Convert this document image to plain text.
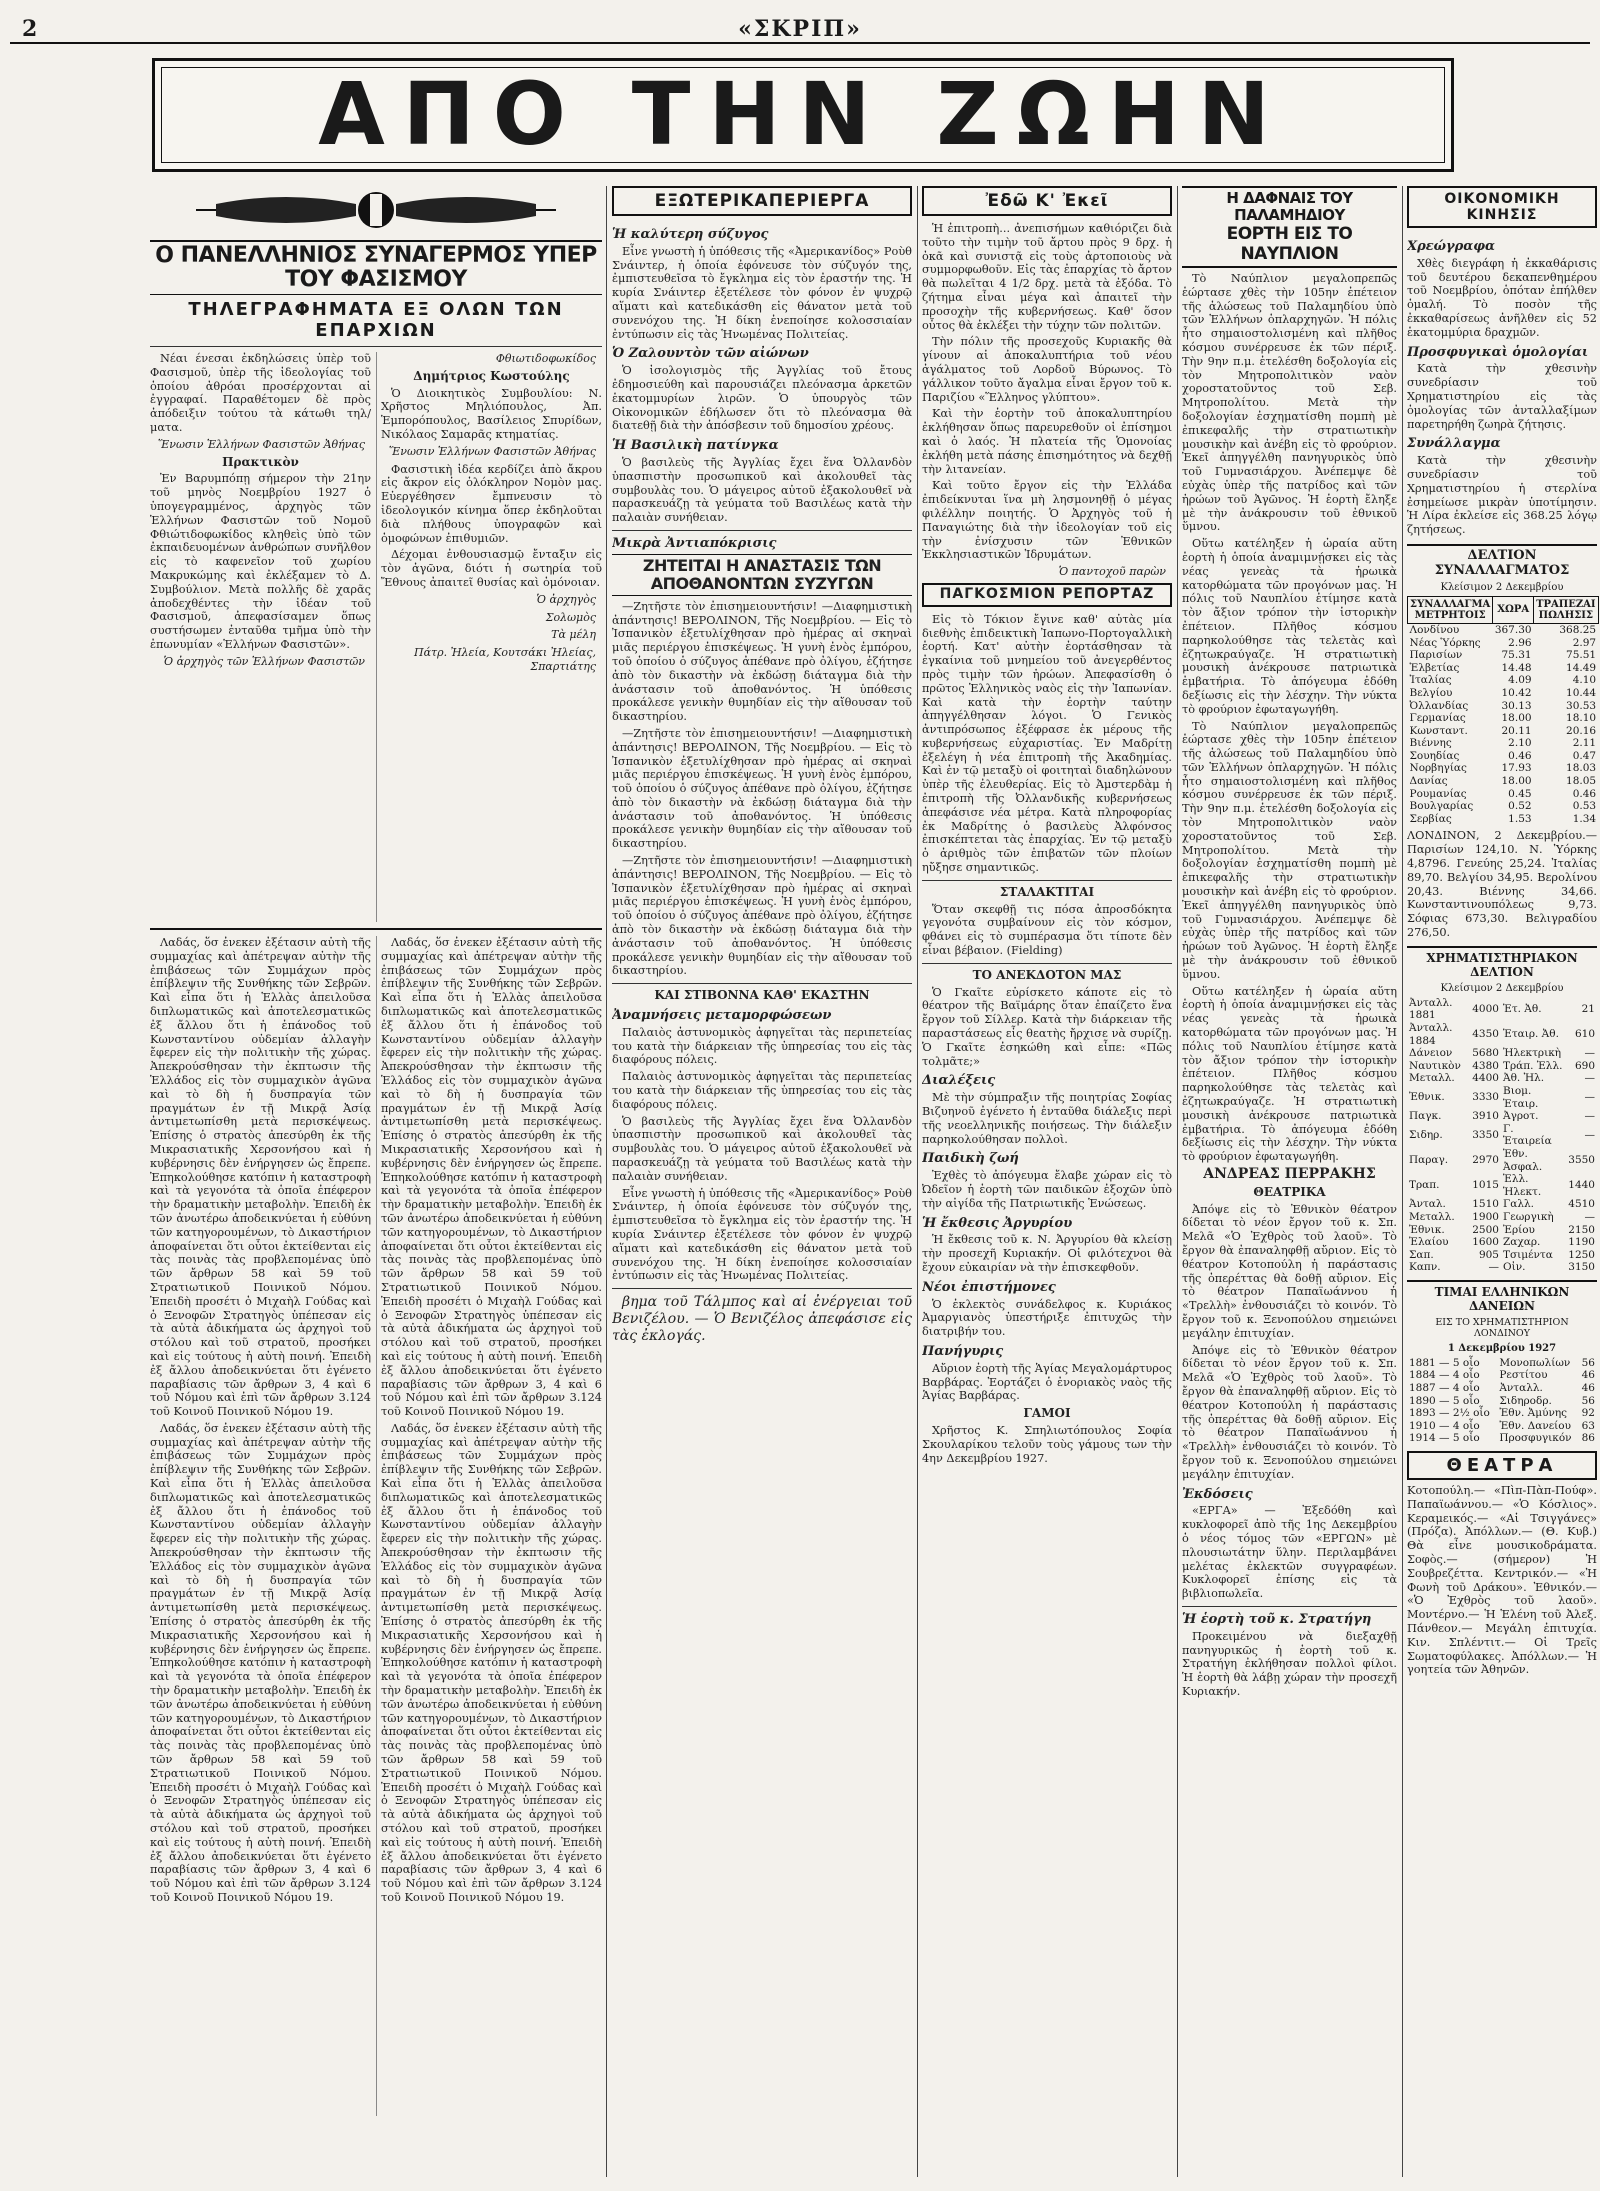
2	«ΣΚΡΙΠ»
ΑΠΟ ΤΗΝ ΖΩΗΝ
Ο ΠΑΝΕΛΛΗΝΙΟΣ ΣΥΝΑΓΕΡΜΟΣ ΥΠΕΡ ΤΟΥ ΦΑΣΙΣΜΟΥ
ΤΗΛΕΓΡΑΦΗΜΑΤΑ ΕΞ ΟΛΩΝ ΤΩΝ ΕΠΑΡΧΙΩΝ

Νέαι ένεσαι ἐκδηλώσεις ὑπὲρ τοῦ Φασισμοῦ, ὑπὲρ τῆς ἰδεολογίας τοῦ ὁποίου ἀθρόαι προσέρχονται αἱ ἐγγραφαί. Παραθέτομεν δὲ πρὸς ἀπόδειξιν τούτου τὰ κάτωθι τηλ/ματα.

Ἕνωσιν Ἑλλήνων Φασιστῶν Ἀθήνας
Πρακτικὸν

Ἐν Βαρυμπόπῃ σήμερον τὴν 21ην τοῦ μηνὸς Νοεμβρίου 1927 ὁ ὑπογεγραμμένος, ἀρχηγὸς τῶν Ἑλλήνων Φασιστῶν τοῦ Νομοῦ Φθιώτιδοφωκίδος κληθεὶς ὑπὸ τῶν ἐκπαιδευομένων ἀνθρώπων συνῆλθον εἰς τὸ καφενεῖον τοῦ χωρίου Μακρυκώμης καὶ ἐκλέξαμεν τὸ Δ. Συμβούλιον. Μετὰ πολλῆς δὲ χαρᾶς ἀποδεχθέντες τὴν ἰδέαν τοῦ Φασισμοῦ, ἀπεφασίσαμεν ὅπως συστήσωμεν ἐνταῦθα τμῆμα ὑπὸ τὴν ἐπωνυμίαν «Ἑλλήνων Φασιστῶν».

Ὁ ἀρχηγὸς τῶν Ἑλλήνων Φασιστῶν
Φθιωτιδοφωκίδος
Δημήτριος Κωστούλης

Ὁ Διοικητικὸς Συμβουλίου: Ν. Χρῆστος Μηλιόπουλος, Ἀπ. Ἑμπορόπουλος, Βασίλειος Σπυρίδων, Νικόλαος Σαμαρᾶς κτηματίας.

Ἕνωσιν Ἑλλήνων Φασιστῶν Ἀθήνας

Φασιστικὴ ἰδέα κερδίζει ἀπὸ ἄκρου εἰς ἄκρον εἰς ὁλόκληρον Νομὸν μας. Εὐεργέθησεν ἔμπνευσιν τὸ ἰδεολογικόν κίνημα ὅπερ ἐκδηλοῦται διὰ πλήθους ὑπογραφῶν καὶ ὁμοφώνων ἐπιθυμιῶν.

Δέχομαι ἐνθουσιασμῷ ἔνταξιν εἰς τὸν ἀγῶνα, διότι ἡ σωτηρία τοῦ Ἔθνους ἀπαιτεῖ θυσίας καὶ ὁμόνοιαν.

Ὁ ἀρχηγὸς
Σολωμὸς
Τὰ μέλη
Πάτρ. Ἠλεία, Κουτσάκι Ἠλείας, Σπαρτιάτης

Λαδάς, ὅσ ἐνεκεν ἐξέτασιν αὐτὴ τῆς συμμαχίας καὶ ἀπέτρεψαν αὐτὴν τῆς ἐπιβάσεως τῶν Συμμάχων πρὸς ἐπίβλεψιν τῆς Συνθήκης τῶν Σεβρῶν. Καὶ εἶπα ὅτι ἡ Ἑλλὰς ἀπειλοῦσα διπλωματικῶς καὶ ἀποτελεσματικῶς ἐξ ἄλλου ὅτι ἡ ἐπάνοδος τοῦ Κωνσταντίνου οὐδεμίαν ἀλλαγὴν ἔφερεν εἰς τὴν πολιτικὴν τῆς χώρας. Ἀπεκρούσθησαν τὴν ἐκπτωσιν τῆς Ἑλλάδος εἰς τὸν συμμαχικὸν ἀγῶνα καὶ τὸ δὴ ἡ δυσπραγία τῶν πραγμάτων ἐν τῇ Μικρᾷ Ἀσίᾳ ἀντιμετωπίσθη μετὰ περισκέψεως. Ἐπίσης ὁ στρατὸς ἀπεσύρθη ἐκ τῆς Μικρασιατικῆς Χερσονήσου καὶ ἡ κυβέρνησις δὲν ἐνήργησεν ὡς ἔπρεπε. Ἐπηκολούθησε κατόπιν ἡ καταστροφὴ καὶ τὰ γεγονότα τὰ ὁποῖα ἐπέφερον τὴν δραματικὴν μεταβολὴν. Ἐπειδὴ ἐκ τῶν ἀνωτέρω ἀποδεικνύεται ἡ εὐθύνη τῶν κατηγορουμένων, τὸ Δικαστήριον ἀποφαίνεται ὅτι οὗτοι ἐκτείθενται εἰς τὰς ποινὰς τὰς προβλεπομένας ὑπὸ τῶν ἄρθρων 58 καὶ 59 τοῦ Στρατιωτικοῦ Ποινικοῦ Νόμου. Ἐπειδὴ προσέτι ὁ Μιχαὴλ Γούδας καὶ ὁ Ξενοφῶν Στρατηγὸς ὑπέπεσαν εἰς τὰ αὐτὰ ἀδικήματα ὡς ἀρχηγοὶ τοῦ στόλου καὶ τοῦ στρατοῦ, προσήκει καὶ εἰς τούτους ἡ αὐτὴ ποινή. Ἐπειδὴ ἐξ ἄλλου ἀποδεικνύεται ὅτι ἐγένετο παραβίασις τῶν ἄρθρων 3, 4 καὶ 6 τοῦ Νόμου καὶ ἐπὶ τῶν ἄρθρων 3.124 τοῦ Κοινοῦ Ποινικοῦ Νόμου 19.

Λαδάς, ὅσ ἐνεκεν ἐξέτασιν αὐτὴ τῆς συμμαχίας καὶ ἀπέτρεψαν αὐτὴν τῆς ἐπιβάσεως τῶν Συμμάχων πρὸς ἐπίβλεψιν τῆς Συνθήκης τῶν Σεβρῶν. Καὶ εἶπα ὅτι ἡ Ἑλλὰς ἀπειλοῦσα διπλωματικῶς καὶ ἀποτελεσματικῶς ἐξ ἄλλου ὅτι ἡ ἐπάνοδος τοῦ Κωνσταντίνου οὐδεμίαν ἀλλαγὴν ἔφερεν εἰς τὴν πολιτικὴν τῆς χώρας. Ἀπεκρούσθησαν τὴν ἐκπτωσιν τῆς Ἑλλάδος εἰς τὸν συμμαχικὸν ἀγῶνα καὶ τὸ δὴ ἡ δυσπραγία τῶν πραγμάτων ἐν τῇ Μικρᾷ Ἀσίᾳ ἀντιμετωπίσθη μετὰ περισκέψεως. Ἐπίσης ὁ στρατὸς ἀπεσύρθη ἐκ τῆς Μικρασιατικῆς Χερσονήσου καὶ ἡ κυβέρνησις δὲν ἐνήργησεν ὡς ἔπρεπε. Ἐπηκολούθησε κατόπιν ἡ καταστροφὴ καὶ τὰ γεγονότα τὰ ὁποῖα ἐπέφερον τὴν δραματικὴν μεταβολὴν. Ἐπειδὴ ἐκ τῶν ἀνωτέρω ἀποδεικνύεται ἡ εὐθύνη τῶν κατηγορουμένων, τὸ Δικαστήριον ἀποφαίνεται ὅτι οὗτοι ἐκτείθενται εἰς τὰς ποινὰς τὰς προβλεπομένας ὑπὸ τῶν ἄρθρων 58 καὶ 59 τοῦ Στρατιωτικοῦ Ποινικοῦ Νόμου. Ἐπειδὴ προσέτι ὁ Μιχαὴλ Γούδας καὶ ὁ Ξενοφῶν Στρατηγὸς ὑπέπεσαν εἰς τὰ αὐτὰ ἀδικήματα ὡς ἀρχηγοὶ τοῦ στόλου καὶ τοῦ στρατοῦ, προσήκει καὶ εἰς τούτους ἡ αὐτὴ ποινή. Ἐπειδὴ ἐξ ἄλλου ἀποδεικνύεται ὅτι ἐγένετο παραβίασις τῶν ἄρθρων 3, 4 καὶ 6 τοῦ Νόμου καὶ ἐπὶ τῶν ἄρθρων 3.124 τοῦ Κοινοῦ Ποινικοῦ Νόμου 19.

Λαδάς, ὅσ ἐνεκεν ἐξέτασιν αὐτὴ τῆς συμμαχίας καὶ ἀπέτρεψαν αὐτὴν τῆς ἐπιβάσεως τῶν Συμμάχων πρὸς ἐπίβλεψιν τῆς Συνθήκης τῶν Σεβρῶν. Καὶ εἶπα ὅτι ἡ Ἑλλὰς ἀπειλοῦσα διπλωματικῶς καὶ ἀποτελεσματικῶς ἐξ ἄλλου ὅτι ἡ ἐπάνοδος τοῦ Κωνσταντίνου οὐδεμίαν ἀλλαγὴν ἔφερεν εἰς τὴν πολιτικὴν τῆς χώρας. Ἀπεκρούσθησαν τὴν ἐκπτωσιν τῆς Ἑλλάδος εἰς τὸν συμμαχικὸν ἀγῶνα καὶ τὸ δὴ ἡ δυσπραγία τῶν πραγμάτων ἐν τῇ Μικρᾷ Ἀσίᾳ ἀντιμετωπίσθη μετὰ περισκέψεως. Ἐπίσης ὁ στρατὸς ἀπεσύρθη ἐκ τῆς Μικρασιατικῆς Χερσονήσου καὶ ἡ κυβέρνησις δὲν ἐνήργησεν ὡς ἔπρεπε. Ἐπηκολούθησε κατόπιν ἡ καταστροφὴ καὶ τὰ γεγονότα τὰ ὁποῖα ἐπέφερον τὴν δραματικὴν μεταβολὴν. Ἐπειδὴ ἐκ τῶν ἀνωτέρω ἀποδεικνύεται ἡ εὐθύνη τῶν κατηγορουμένων, τὸ Δικαστήριον ἀποφαίνεται ὅτι οὗτοι ἐκτείθενται εἰς τὰς ποινὰς τὰς προβλεπομένας ὑπὸ τῶν ἄρθρων 58 καὶ 59 τοῦ Στρατιωτικοῦ Ποινικοῦ Νόμου. Ἐπειδὴ προσέτι ὁ Μιχαὴλ Γούδας καὶ ὁ Ξενοφῶν Στρατηγὸς ὑπέπεσαν εἰς τὰ αὐτὰ ἀδικήματα ὡς ἀρχηγοὶ τοῦ στόλου καὶ τοῦ στρατοῦ, προσήκει καὶ εἰς τούτους ἡ αὐτὴ ποινή. Ἐπειδὴ ἐξ ἄλλου ἀποδεικνύεται ὅτι ἐγένετο παραβίασις τῶν ἄρθρων 3, 4 καὶ 6 τοῦ Νόμου καὶ ἐπὶ τῶν ἄρθρων 3.124 τοῦ Κοινοῦ Ποινικοῦ Νόμου 19.

Λαδάς, ὅσ ἐνεκεν ἐξέτασιν αὐτὴ τῆς συμμαχίας καὶ ἀπέτρεψαν αὐτὴν τῆς ἐπιβάσεως τῶν Συμμάχων πρὸς ἐπίβλεψιν τῆς Συνθήκης τῶν Σεβρῶν. Καὶ εἶπα ὅτι ἡ Ἑλλὰς ἀπειλοῦσα διπλωματικῶς καὶ ἀποτελεσματικῶς ἐξ ἄλλου ὅτι ἡ ἐπάνοδος τοῦ Κωνσταντίνου οὐδεμίαν ἀλλαγὴν ἔφερεν εἰς τὴν πολιτικὴν τῆς χώρας. Ἀπεκρούσθησαν τὴν ἐκπτωσιν τῆς Ἑλλάδος εἰς τὸν συμμαχικὸν ἀγῶνα καὶ τὸ δὴ ἡ δυσπραγία τῶν πραγμάτων ἐν τῇ Μικρᾷ Ἀσίᾳ ἀντιμετωπίσθη μετὰ περισκέψεως. Ἐπίσης ὁ στρατὸς ἀπεσύρθη ἐκ τῆς Μικρασιατικῆς Χερσονήσου καὶ ἡ κυβέρνησις δὲν ἐνήργησεν ὡς ἔπρεπε. Ἐπηκολούθησε κατόπιν ἡ καταστροφὴ καὶ τὰ γεγονότα τὰ ὁποῖα ἐπέφερον τὴν δραματικὴν μεταβολὴν. Ἐπειδὴ ἐκ τῶν ἀνωτέρω ἀποδεικνύεται ἡ εὐθύνη τῶν κατηγορουμένων, τὸ Δικαστήριον ἀποφαίνεται ὅτι οὗτοι ἐκτείθενται εἰς τὰς ποινὰς τὰς προβλεπομένας ὑπὸ τῶν ἄρθρων 58 καὶ 59 τοῦ Στρατιωτικοῦ Ποινικοῦ Νόμου. Ἐπειδὴ προσέτι ὁ Μιχαὴλ Γούδας καὶ ὁ Ξενοφῶν Στρατηγὸς ὑπέπεσαν εἰς τὰ αὐτὰ ἀδικήματα ὡς ἀρχηγοὶ τοῦ στόλου καὶ τοῦ στρατοῦ, προσήκει καὶ εἰς τούτους ἡ αὐτὴ ποινή. Ἐπειδὴ ἐξ ἄλλου ἀποδεικνύεται ὅτι ἐγένετο παραβίασις τῶν ἄρθρων 3, 4 καὶ 6 τοῦ Νόμου καὶ ἐπὶ τῶν ἄρθρων 3.124 τοῦ Κοινοῦ Ποινικοῦ Νόμου 19.

ΕΞΩΤΕΡΙΚΑΠΕΡΙΕΡΓΑ
Ἡ καλύτερη σύζυγος

Εἶνε γνωστὴ ἡ ὑπόθεσις τῆς «Ἀμερικανίδος» Ροὺθ Σνάιντερ, ἡ ὁποία ἐφόνευσε τὸν σύζυγόν της, ἐμπιστευθεῖσα τὸ ἔγκλημα εἰς τὸν ἐραστήν της. Ἡ κυρία Σνάιντερ ἐξετέλεσε τὸν φόνον ἐν ψυχρῷ αἵματι καὶ κατεδικάσθη εἰς θάνατον μετὰ τοῦ συνενόχου της. Ἡ δίκη ἐνεποίησε κολοσσιαίαν ἐντύπωσιν εἰς τὰς Ἡνωμένας Πολιτείας.

Ὁ Ζαλουντὸν τῶν αἰώνων

Ὁ ἰσολογισμὸς τῆς Ἀγγλίας τοῦ ἔτους ἐδημοσιεύθη καὶ παρουσιάζει πλεόνασμα ἀρκετῶν ἑκατομμυρίων λιρῶν. Ὁ ὑπουργὸς τῶν Οἰκονομικῶν ἐδήλωσεν ὅτι τὸ πλεόνασμα θὰ διατεθῇ διὰ τὴν ἀπόσβεσιν τοῦ δημοσίου χρέους.

Ἡ Βασιλικὴ πατίνγκα

Ὁ βασιλεὺς τῆς Ἀγγλίας ἔχει ἕνα Ὀλλανδὸν ὑπασπιστὴν προσωπικοῦ καὶ ἀκολουθεῖ τὰς συμβουλὰς του. Ὁ μάγειρος αὐτοῦ ἐξακολουθεῖ νὰ παρασκευάζῃ τὰ γεύματα τοῦ Βασιλέως κατὰ τὴν παλαιὰν συνήθειαν.

Μικρὰ Ἀντιαπόκρισις
ΖΗΤΕΙΤΑΙ Η ΑΝΑΣΤΑΣΙΣ ΤΩΝ ΑΠΟΘΑΝΟΝΤΩΝ ΣΥΖΥΓΩΝ

—Ζητῆστε τὸν ἐπισημειουντήσιν! —Διαφημιστικὴ ἀπάντησις! ΒΕΡΟΛΙΝΟΝ, Τῆς Νοεμβρίου. — Εἰς τὸ Ἰσπανικὸν ἐξετυλίχθησαν πρὸ ἡμέρας αἱ σκηναὶ μιᾶς περιέργου ἐπισκέψεως. Ἡ γυνὴ ἐνὸς ἐμπόρου, τοῦ ὁποίου ὁ σύζυγος ἀπέθανε πρὸ ὀλίγου, ἐζήτησε ἀπὸ τὸν δικαστὴν νὰ ἐκδώσῃ διάταγμα διὰ τὴν ἀνάστασιν τοῦ ἀποθανόντος. Ἡ ὑπόθεσις προκάλεσε γενικὴν θυμηδίαν εἰς τὴν αἴθουσαν τοῦ δικαστηρίου.

—Ζητῆστε τὸν ἐπισημειουντήσιν! —Διαφημιστικὴ ἀπάντησις! ΒΕΡΟΛΙΝΟΝ, Τῆς Νοεμβρίου. — Εἰς τὸ Ἰσπανικὸν ἐξετυλίχθησαν πρὸ ἡμέρας αἱ σκηναὶ μιᾶς περιέργου ἐπισκέψεως. Ἡ γυνὴ ἐνὸς ἐμπόρου, τοῦ ὁποίου ὁ σύζυγος ἀπέθανε πρὸ ὀλίγου, ἐζήτησε ἀπὸ τὸν δικαστὴν νὰ ἐκδώσῃ διάταγμα διὰ τὴν ἀνάστασιν τοῦ ἀποθανόντος. Ἡ ὑπόθεσις προκάλεσε γενικὴν θυμηδίαν εἰς τὴν αἴθουσαν τοῦ δικαστηρίου.

—Ζητῆστε τὸν ἐπισημειουντήσιν! —Διαφημιστικὴ ἀπάντησις! ΒΕΡΟΛΙΝΟΝ, Τῆς Νοεμβρίου. — Εἰς τὸ Ἰσπανικὸν ἐξετυλίχθησαν πρὸ ἡμέρας αἱ σκηναὶ μιᾶς περιέργου ἐπισκέψεως. Ἡ γυνὴ ἐνὸς ἐμπόρου, τοῦ ὁποίου ὁ σύζυγος ἀπέθανε πρὸ ὀλίγου, ἐζήτησε ἀπὸ τὸν δικαστὴν νὰ ἐκδώσῃ διάταγμα διὰ τὴν ἀνάστασιν τοῦ ἀποθανόντος. Ἡ ὑπόθεσις προκάλεσε γενικὴν θυμηδίαν εἰς τὴν αἴθουσαν τοῦ δικαστηρίου.

ΚΑΙ ΣΤΙΒΟΝΝΑ ΚΑΘ' ΕΚΑΣΤΗΝ
Ἀναμνήσεις μεταμορφώσεων

Παλαιὸς ἀστυνομικὸς ἀφηγεῖται τὰς περιπετείας του κατὰ τὴν διάρκειαν τῆς ὑπηρεσίας του εἰς τὰς διαφόρους πόλεις.

Παλαιὸς ἀστυνομικὸς ἀφηγεῖται τὰς περιπετείας του κατὰ τὴν διάρκειαν τῆς ὑπηρεσίας του εἰς τὰς διαφόρους πόλεις.

Ὁ βασιλεὺς τῆς Ἀγγλίας ἔχει ἕνα Ὀλλανδὸν ὑπασπιστὴν προσωπικοῦ καὶ ἀκολουθεῖ τὰς συμβουλὰς του. Ὁ μάγειρος αὐτοῦ ἐξακολουθεῖ νὰ παρασκευάζῃ τὰ γεύματα τοῦ Βασιλέως κατὰ τὴν παλαιὰν συνήθειαν.

Εἶνε γνωστὴ ἡ ὑπόθεσις τῆς «Ἀμερικανίδος» Ροὺθ Σνάιντερ, ἡ ὁποία ἐφόνευσε τὸν σύζυγόν της, ἐμπιστευθεῖσα τὸ ἔγκλημα εἰς τὸν ἐραστήν της. Ἡ κυρία Σνάιντερ ἐξετέλεσε τὸν φόνον ἐν ψυχρῷ αἵματι καὶ κατεδικάσθη εἰς θάνατον μετὰ τοῦ συνενόχου της. Ἡ δίκη ἐνεποίησε κολοσσιαίαν ἐντύπωσιν εἰς τὰς Ἡνωμένας Πολιτείας.

βημα τοῦ Τάλμπος καὶ αἱ ἐνέργειαι τοῦ Βενιζέλου. — Ὁ Βενιζέλος ἀπεφάσισε εἰς τὰς ἐκλογάς.

Ἐδῶ Κ' Ἐκεῖ

Ἡ ἐπιτροπὴ... ἀνεπισήμων καθιόριζει διὰ τοῦτο τὴν τιμὴν τοῦ ἄρτου πρὸς 9 δρχ. ἡ ὀκᾶ καὶ συνιστᾷ εἰς τοὺς ἀρτοποιοὺς νὰ συμμορφωθοῦν. Εἰς τὰς ἐπαρχίας τὸ ἄρτον θὰ πωλεῖται 4 1/2 δρχ. μετὰ τὰ ἐξόδα. Τὸ ζήτημα εἶναι μέγα καὶ ἀπαιτεῖ τὴν προσοχὴν τῆς κυβερνήσεως. Καθ' ὅσον οὗτος θὰ ἐκλέξει τὴν τύχην τῶν πολιτῶν.

Τὴν πόλιν τῆς προσεχοῦς Κυριακῆς θὰ γίνουν αἱ ἀποκαλυπτήρια τοῦ νέου ἀγάλματος τοῦ Λορδοῦ Βύρωνος. Τὸ γάλλικον τοῦτο ἄγαλμα εἶναι ἔργον τοῦ κ. Παριζίου «Ἕλληνος γλύπτου».

Καὶ τὴν ἑορτὴν τοῦ ἀποκαλυπτηρίου ἐκλήθησαν ὅπως παρευρεθοῦν οἱ ἐπίσημοι καὶ ὁ λαός. Ἡ πλατεία τῆς Ὁμονοίας ἐκλήθη μετὰ πάσης ἐπισημότητος νὰ δεχθῇ τὴν λιτανείαν.

Καὶ τοῦτο ἔργον εἰς τὴν Ἑλλάδα ἐπιδείκνυται ἵνα μὴ λησμονηθῇ ὁ μέγας φιλέλλην ποιητής. Ὁ Ἀρχηγὸς τοῦ ἡ Παναγιώτης διὰ τὴν ἰδεολογίαν τοῦ εἰς τὴν ἐνίσχυσιν τῶν Ἐθνικῶν Ἐκκλησιαστικῶν Ἱδρυμάτων.

Ὁ παντοχοῦ παρὼν
ΠΑΓΚΟΣΜΙΟΝ ΡΕΠΟΡΤΑΖ

Εἰς τὸ Τόκιον ἔγινε καθ' αὐτὰς μία διεθνὴς ἐπιδεικτικὴ Ἰαπωνο-Πορτογαλλικὴ ἑορτή. Κατ' αὐτὴν ἐορτάσθησαν τὰ ἐγκαίνια τοῦ μνημείου τοῦ ἀνεγερθέντος πρὸς τιμὴν τῶν ἡρώων. Ἀπεφασίσθη ὁ πρῶτος Ἑλληνικὸς ναὸς εἰς τὴν Ἰαπωνίαν. Καὶ κατὰ τὴν ἐορτὴν ταύτην ἀπηγγέλθησαν λόγοι. Ὁ Γενικὸς ἀντιπρόσωπος ἐξέφρασε ἐκ μέρους τῆς κυβερνήσεως εὐχαριστίας. Ἐν Μαδρίτῃ ἐξελέγη ἡ νέα ἐπιτροπὴ τῆς Ἀκαδημίας. Καὶ ἐν τῷ μεταξὺ οἱ φοιτηταὶ διαδηλώνουν ὑπὲρ τῆς ἐλευθερίας. Εἰς τὸ Ἀμστερδὰμ ἡ ἐπιτροπὴ τῆς Ὀλλανδικῆς κυβερνήσεως ἀπεφάσισε νέα μέτρα. Κατὰ πληροφορίας ἐκ Μαδρίτης ὁ βασιλεὺς Ἀλφόνσος ἐπισκέπτεται τὰς ἐπαρχίας. Ἐν τῷ μεταξὺ ὁ ἀριθμὸς τῶν ἐπιβατῶν τῶν πλοίων ηὔξησε σημαντικῶς.

ΣΤΑΛΑΚΤΙΤΑΙ

Ὅταν σκεφθῇ τις πόσα ἀπροσδόκητα γεγονότα συμβαίνουν εἰς τὸν κόσμον, φθάνει εἰς τὸ συμπέρασμα ὅτι τίποτε δὲν εἶναι βέβαιον. (Fielding)

ΤΟ ΑΝΕΚΔΟΤΟΝ ΜΑΣ

Ὁ Γκαῖτε εὑρίσκετο κάποτε εἰς τὸ θέατρον τῆς Βαϊμάρης ὅταν ἐπαίζετο ἕνα ἔργον τοῦ Σίλλερ. Κατὰ τὴν διάρκειαν τῆς παραστάσεως εἷς θεατὴς ἤρχισε νὰ συρίζῃ. Ὁ Γκαῖτε ἐσηκώθη καὶ εἶπε: «Πῶς τολμᾶτε;»

Διαλέξεις

Μὲ τὴν σύμπραξιν τῆς ποιητρίας Σοφίας Βιζυηνοῦ ἐγένετο ἡ ἐνταῦθα διάλεξις περὶ τῆς νεοελληνικῆς ποιήσεως. Τὴν διάλεξιν παρηκολούθησαν πολλοὶ.

Παιδικὴ ζωή

Ἐχθὲς τὸ ἀπόγευμα ἔλαβε χώραν εἰς τὸ Ὠδεῖον ἡ ἑορτὴ τῶν παιδικῶν ἐξοχῶν ὑπὸ τὴν αἰγίδα τῆς Πατριωτικῆς Ἑνώσεως.

Ἡ ἔκθεσις Ἀργυρίου

Ἡ ἔκθεσις τοῦ κ. Ν. Ἀργυρίου θὰ κλείσῃ τὴν προσεχῆ Κυριακήν. Οἱ φιλότεχνοι θὰ ἔχουν εὐκαιρίαν νὰ τὴν ἐπισκεφθοῦν.

Νέοι ἐπιστήμονες

Ὁ ἐκλεκτὸς συνάδελφος κ. Κυριάκος Ἀμαργιανὸς ὑπεστήριξε ἐπιτυχῶς τὴν διατριβήν του.

Πανήγυρις

Αὔριον ἑορτὴ τῆς Ἁγίας Μεγαλομάρτυρος Βαρβάρας. Ἑορτάζει ὁ ἐνοριακὸς ναὸς τῆς Ἁγίας Βαρβάρας.

ΓΑΜΟΙ

Χρῆστος Κ. Σπηλιωτόπουλος Σοφία Σκουλαρίκου τελοῦν τοὺς γάμους των τὴν 4ην Δεκεμβρίου 1927.

Η ΔΑΦΝΑΙΣ ΤΟΥ ΠΑΛΑΜΗΔΙΟΥ
ΕΟΡΤΗ ΕΙΣ ΤΟ ΝΑΥΠΛΙΟΝ

Τὸ Ναύπλιον μεγαλοπρεπῶς ἑώρτασε χθὲς τὴν 105ην ἐπέτειον τῆς ἁλώσεως τοῦ Παλαμηδίου ὑπὸ τῶν Ἑλλήνων ὁπλαρχηγῶν. Ἡ πόλις ἦτο σημαιοστολισμένη καὶ πλῆθος κόσμου συνέρρευσε ἐκ τῶν πέριξ. Τὴν 9ην π.μ. ἐτελέσθη δοξολογία εἰς τὸν Μητροπολιτικὸν ναὸν χοροστατοῦντος τοῦ Σεβ. Μητροπολίτου. Μετὰ τὴν δοξολογίαν ἐσχηματίσθη πομπὴ μὲ ἐπικεφαλῆς τὴν στρατιωτικὴν μουσικὴν καὶ ἀνέβη εἰς τὸ φρούριον. Ἐκεῖ ἀπηγγέλθη πανηγυρικὸς ὑπὸ τοῦ Γυμνασιάρχου. Ἀνέπεμψε δὲ εὐχὰς ὑπὲρ τῆς πατρίδος καὶ τῶν ἡρώων τοῦ Ἀγῶνος. Ἡ ἑορτὴ ἔληξε μὲ τὴν ἀνάκρουσιν τοῦ ἐθνικοῦ ὕμνου.

Οὕτω κατέληξεν ἡ ὡραία αὕτη ἑορτὴ ἡ ὁποία ἀναμιμνῄσκει εἰς τὰς νέας γενεὰς τὰ ἡρωικὰ κατορθώματα τῶν προγόνων μας. Ἡ πόλις τοῦ Ναυπλίου ἐτίμησε κατὰ τὸν ἄξιον τρόπον τὴν ἱστορικὴν ἐπέτειον. Πλῆθος κόσμου παρηκολούθησε τὰς τελετὰς καὶ ἐζητωκραύγαζε. Ἡ στρατιωτικὴ μουσικὴ ἀνέκρουσε πατριωτικὰ ἐμβατήρια. Τὸ ἀπόγευμα ἐδόθη δεξίωσις εἰς τὴν λέσχην. Τὴν νύκτα τὸ φρούριον ἐφωταγωγήθη.

Τὸ Ναύπλιον μεγαλοπρεπῶς ἑώρτασε χθὲς τὴν 105ην ἐπέτειον τῆς ἁλώσεως τοῦ Παλαμηδίου ὑπὸ τῶν Ἑλλήνων ὁπλαρχηγῶν. Ἡ πόλις ἦτο σημαιοστολισμένη καὶ πλῆθος κόσμου συνέρρευσε ἐκ τῶν πέριξ. Τὴν 9ην π.μ. ἐτελέσθη δοξολογία εἰς τὸν Μητροπολιτικὸν ναὸν χοροστατοῦντος τοῦ Σεβ. Μητροπολίτου. Μετὰ τὴν δοξολογίαν ἐσχηματίσθη πομπὴ μὲ ἐπικεφαλῆς τὴν στρατιωτικὴν μουσικὴν καὶ ἀνέβη εἰς τὸ φρούριον. Ἐκεῖ ἀπηγγέλθη πανηγυρικὸς ὑπὸ τοῦ Γυμνασιάρχου. Ἀνέπεμψε δὲ εὐχὰς ὑπὲρ τῆς πατρίδος καὶ τῶν ἡρώων τοῦ Ἀγῶνος. Ἡ ἑορτὴ ἔληξε μὲ τὴν ἀνάκρουσιν τοῦ ἐθνικοῦ ὕμνου.

Οὕτω κατέληξεν ἡ ὡραία αὕτη ἑορτὴ ἡ ὁποία ἀναμιμνῄσκει εἰς τὰς νέας γενεὰς τὰ ἡρωικὰ κατορθώματα τῶν προγόνων μας. Ἡ πόλις τοῦ Ναυπλίου ἐτίμησε κατὰ τὸν ἄξιον τρόπον τὴν ἱστορικὴν ἐπέτειον. Πλῆθος κόσμου παρηκολούθησε τὰς τελετὰς καὶ ἐζητωκραύγαζε. Ἡ στρατιωτικὴ μουσικὴ ἀνέκρουσε πατριωτικὰ ἐμβατήρια. Τὸ ἀπόγευμα ἐδόθη δεξίωσις εἰς τὴν λέσχην. Τὴν νύκτα τὸ φρούριον ἐφωταγωγήθη.

ΑΝΔΡΕΑΣ ΠΕΡΡΑΚΗΣ
ΘΕΑΤΡΙΚΑ

Ἀπόψε εἰς τὸ Ἐθνικὸν θέατρον δίδεται τὸ νέον ἔργον τοῦ κ. Σπ. Μελᾶ «Ὁ Ἐχθρὸς τοῦ λαοῦ». Τὸ ἔργον θὰ ἐπαναληφθῇ αὔριον. Εἰς τὸ θέατρον Κοτοπούλη ἡ παράστασις τῆς ὀπερέττας θὰ δοθῇ αὔριον. Εἰς τὸ θέατρον Παπαϊωάννου ἡ «Τρελλὴ» ἐνθουσιάζει τὸ κοινόν. Τὸ ἔργον τοῦ κ. Ξενοπούλου σημειώνει μεγάλην ἐπιτυχίαν.

Ἀπόψε εἰς τὸ Ἐθνικὸν θέατρον δίδεται τὸ νέον ἔργον τοῦ κ. Σπ. Μελᾶ «Ὁ Ἐχθρὸς τοῦ λαοῦ». Τὸ ἔργον θὰ ἐπαναληφθῇ αὔριον. Εἰς τὸ θέατρον Κοτοπούλη ἡ παράστασις τῆς ὀπερέττας θὰ δοθῇ αὔριον. Εἰς τὸ θέατρον Παπαϊωάννου ἡ «Τρελλὴ» ἐνθουσιάζει τὸ κοινόν. Τὸ ἔργον τοῦ κ. Ξενοπούλου σημειώνει μεγάλην ἐπιτυχίαν.

Ἐκδόσεις

«ΕΡΓΑ» — Ἐξεδόθη καὶ κυκλοφορεῖ ἀπὸ τῆς 1ης Δεκεμβρίου ὁ νέος τόμος τῶν «ΕΡΓΩΝ» μὲ πλουσιωτάτην ὕλην. Περιλαμβάνει μελέτας ἐκλεκτῶν συγγραφέων. Κυκλοφορεῖ ἐπίσης εἰς τὰ βιβλιοπωλεῖα.

Ἡ ἑορτὴ τοῦ κ. Στρατήγη

Προκειμένου νὰ διεξαχθῇ πανηγυρικῶς ἡ ἑορτὴ τοῦ κ. Στρατήγη ἐκλήθησαν πολλοὶ φίλοι. Ἡ ἑορτὴ θὰ λάβῃ χώραν τὴν προσεχῆ Κυριακήν.

ΟΙΚΟΝΟΜΙΚΗ ΚΙΝΗΣΙΣ
Χρεώγραφα

Χθὲς διεγράφη ἡ ἐκκαθάρισις τοῦ δευτέρου δεκαπενθημέρου τοῦ Νοεμβρίου, ὁπόταν ἐπήλθεν ὁμαλή. Τὸ ποσὸν τῆς ἐκκαθαρίσεως ἀνῆλθεν εἰς 52 ἑκατομμύρια δραχμῶν.

Προσφυγικαὶ ὁμολογίαι

Κατὰ τὴν χθεσινὴν συνεδρίασιν τοῦ Χρηματιστηρίου εἰς τὰς ὁμολογίας τῶν ἀνταλλαξίμων παρετηρήθη ζωηρὰ ζήτησις.

Συνάλλαγμα

Κατὰ τὴν χθεσινὴν συνεδρίασιν τοῦ Χρηματιστηρίου ἡ στερλίνα ἐσημείωσε μικρὰν ὑποτίμησιν. Ἡ Λίρα ἐκλείσε εἰς 368.25 λόγῳ ζητήσεως.

ΔΕΛΤΙΟΝ ΣΥΝΑΛΛΑΓΜΑΤΟΣ
Κλείσιμον 2 Δεκεμβρίου
ΣΥΝΑΛΛΑΓΜΑ ΜΕΤΡΗΤΟΙΣ	ΧΩΡΑ	ΤΡΑΠΕΖΑΙ ΠΩΛΗΣΙΣ
Λονδίνου	367.30	368.25
Νέας Ὑόρκης	2.96	2.97
Παρισίων	75.31	75.51
Ἑλβετίας	14.48	14.49
Ἰταλίας	4.09	4.10
Βελγίου	10.42	10.44
Ὀλλανδίας	30.13	30.53
Γερμανίας	18.00	18.10
Κωνσταντ.	20.11	20.16
Βιέννης	2.10	2.11
Σουηδίας	0.46	0.47
Νορβηγίας	17.93	18.03
Δανίας	18.00	18.05
Ρουμανίας	0.45	0.46
Βουλγαρίας	0.52	0.53
Σερβίας	1.53	1.34
ΛΟΝΔΙΝΟΝ, 2 Δεκεμβρίου.— Παρισίων 124,10. Ν. Ὑόρκης 4,8796. Γενεύης 25,24. Ἰταλίας 89,70. Βελγίου 34,95. Βερολίνου 20,43. Βιέννης 34,66. Κωνσταντινουπόλεως 9,73. Σόφιας 673,30. Βελιγραδίου 276,50.
ΧΡΗΜΑΤΙΣΤΗΡΙΑΚΟΝ ΔΕΛΤΙΟΝ
Κλείσιμον 2 Δεκεμβρίου
Ἀνταλλ. 1881	4000	Ἑτ. Ἀθ.	21
Ἀνταλλ. 1884	4350	Ἑταιρ. Ἀθ.	610
Δάνειον	5680	Ἠλεκτρικὴ	—
Ναυτικὸν	4380	Τράπ. Ἐλλ.	690
Μεταλλ.	4400	Ἀθ. Ἠλ.	—
Ἐθνικ.	3330	Βιομ. Ἑταιρ.	—
Παγκ.	3910	Ἀγροτ.	—
Σιδηρ.	3350	Γ. Ἑταιρεία	—
Παραγ.	2970	Ἑθν. Ἀσφαλ.	3550
Τραπ.	1015	Ἑλλ. Ἡλεκτ.	1440
Ἀνταλ.	1510	Γαλλ.	4510
Μεταλλ.	1900	Γεωργικὴ	—
Ἐθνικ.	2500	Ἐρίου	2150
Ἐλαίου	1600	Ζαχαρ.	1190
Σαπ.	905	Τσιμέντα	1250
Καπν.	—	Οἰν.	3150
ΤΙΜΑΙ ΕΛΛΗΝΙΚΩΝ ΔΑΝΕΙΩΝ
ΕΙΣ ΤΟ ΧΡΗΜΑΤΙΣΤΗΡΙΟΝ ΛΟΝΔΙΝΟΥ
1 Δεκεμβρίου 1927
1881 — 5 οἷο	Μονοπωλίων	56
1884 — 4 οἷο	Ρεστίτου	46
1887 — 4 οἷο	Ἀνταλλ.	46
1890 — 5 οἷο	Σιδηροδρ.	56
1893 — 2½ οἷο	Ἐθν. Ἀμύνης	92
1910 — 4 οἷο	Ἐθν. Δανείου	63
1914 — 5 οἷο	Προσφυγικόν	86
ΘΕΑΤΡΑ
Κοτοπούλη.— «Πὶπ-Πὰπ-Πούφ». Παπαϊωάννου.— «Ὁ Κόσλιος». Κεραμεικός.— «Αἱ Τσιγγάνες» (Πρόζα). Ἀπόλλων.— (Θ. Κυβ.) Θὰ εἶνε μουσικοδράματα. Σοφὸς.— (σήμερον) Ἡ Σουβρεζέττα. Κεντρικόν.— «Ἡ Φωνὴ τοῦ Δράκου». Ἐθνικόν.— «Ὁ Ἐχθρὸς τοῦ λαοῦ». Μοντέρνο.— Ἡ Ἑλένη τοῦ Ἀλεξ. Πάνθεον.— Μεγάλη ἐπιτυχία. Κιν. Σπλέντιτ.— Οἱ Τρεῖς Σωματοφύλακες. Ἀπόλλων.— Ἡ γοητεία τῶν Ἀθηνῶν.
